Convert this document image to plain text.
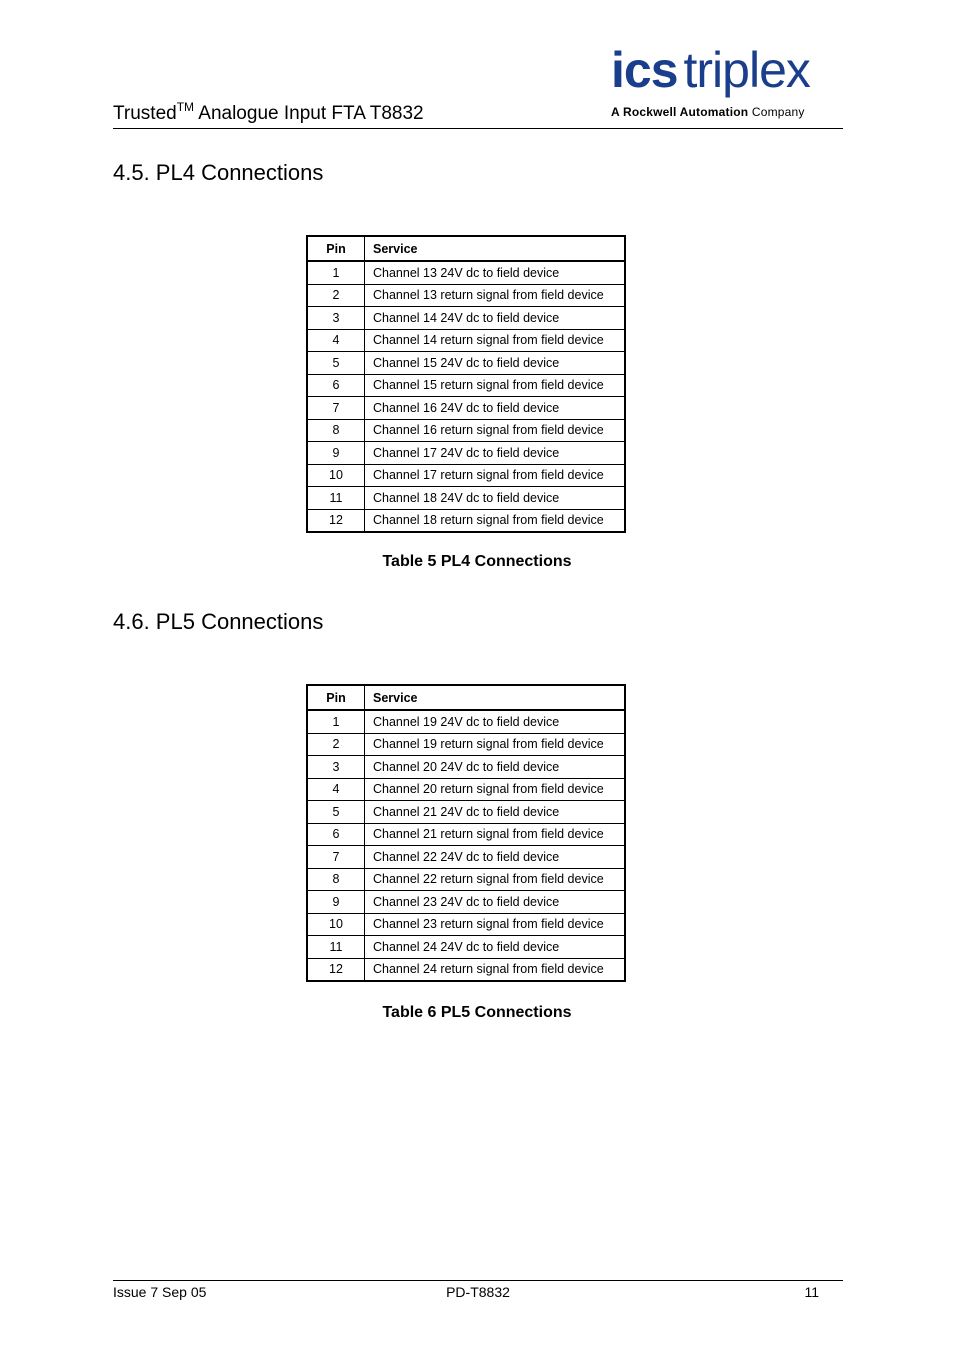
Trusted™ Analogue Input FTA T8832
ics triplex
A Rockwell Automation Company
4.5. PL4 Connections
Pin	Service
1	Channel 13 24V dc to field device
2	Channel 13 return signal from field device
3	Channel 14 24V dc to field device
4	Channel 14 return signal from field device
5	Channel 15 24V dc to field device
6	Channel 15 return signal from field device
7	Channel 16 24V dc to field device
8	Channel 16 return signal from field device
9	Channel 17 24V dc to field device
10	Channel 17 return signal from field device
11	Channel 18 24V dc to field device
12	Channel 18 return signal from field device
Table 5 PL4 Connections
4.6. PL5 Connections
Pin	Service
1	Channel 19 24V dc to field device
2	Channel 19 return signal from field device
3	Channel 20 24V dc to field device
4	Channel 20 return signal from field device
5	Channel 21 24V dc to field device
6	Channel 21 return signal from field device
7	Channel 22 24V dc to field device
8	Channel 22 return signal from field device
9	Channel 23 24V dc to field device
10	Channel 23 return signal from field device
11	Channel 24 24V dc to field device
12	Channel 24 return signal from field device
Table 6 PL5 Connections
Issue 7 Sep 05	PD-T8832	11
